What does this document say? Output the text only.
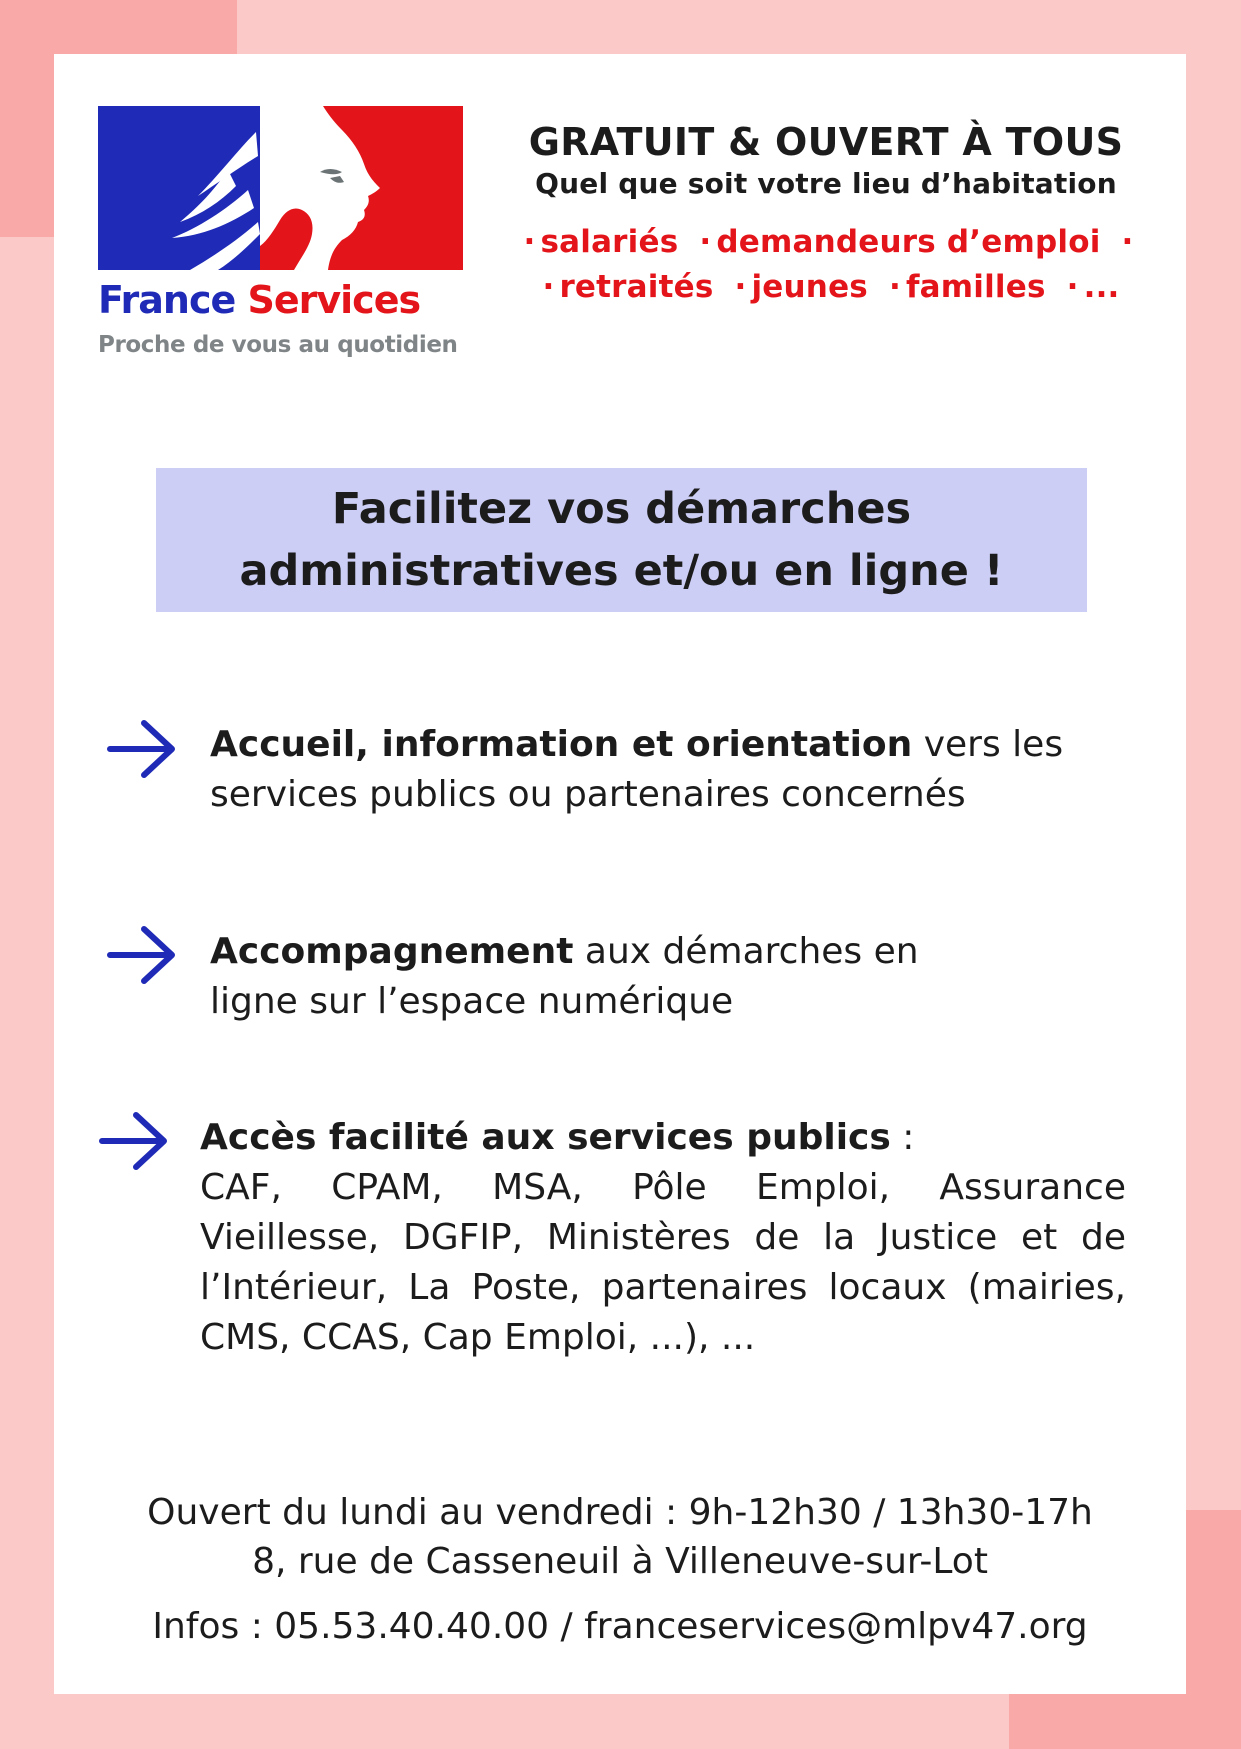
France Services
Proche de vous au quotidien
GRATUIT & OUVERT À TOUS
Quel que soit votre lieu d’habitation
· salariés · demandeurs d’emploi ·
· retraités · jeunes · familles · ...
Facilitez vos démarches
administratives et/ou en ligne !
Accueil, information et orientation vers les
services publics ou partenaires concernés
Accompagnement aux démarches en
ligne sur l’espace numérique
Accès facilité aux services publics :
CAF, CPAM, MSA, Pôle Emploi, Assurance Vieillesse, DGFIP, Ministères de la Justice et de l’Intérieur, La Poste, partenaires locaux (mairies, CMS, CCAS, Cap Emploi, ...), ...
Ouvert du lundi au vendredi : 9h-12h30 / 13h30-17h
8, rue de Casseneuil à Villeneuve-sur-Lot
Infos : 05.53.40.40.00 / franceservices@mlpv47.org
